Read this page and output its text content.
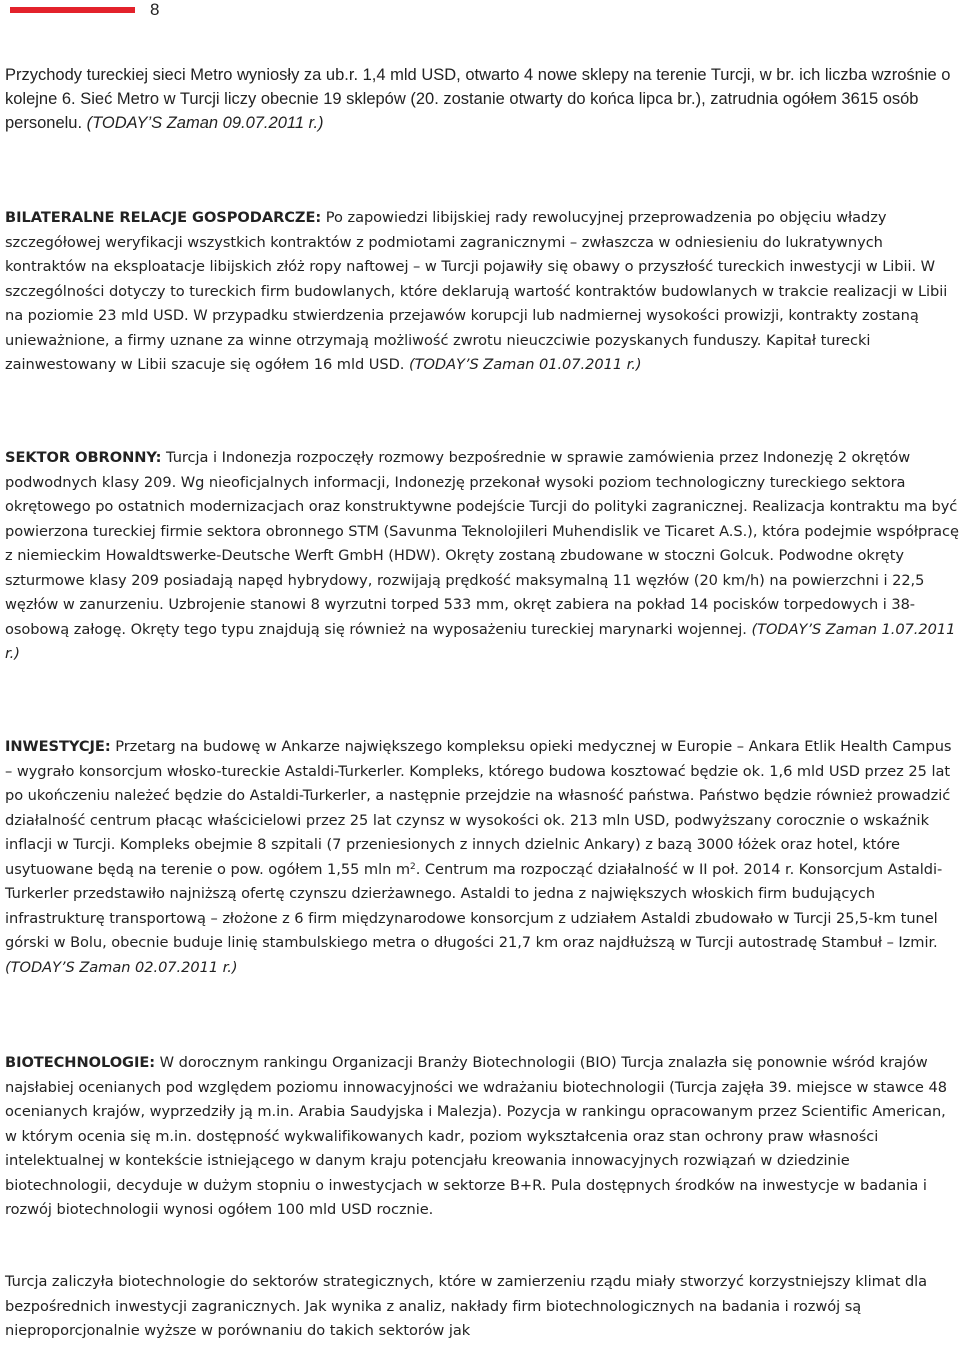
8

Przychody tureckiej sieci Metro wyniosły za ub.r. 1,4 mld USD, otwarto 4 nowe sklepy na terenie Turcji, w br. ich liczba wzrośnie o kolejne 6. Sieć Metro w Turcji liczy obecnie 19 sklepów (20. zostanie otwarty do końca lipca br.), zatrudnia ogółem 3615 osób personelu. (TODAY’S Zaman 09.07.2011 r.)

BILATERALNE RELACJE GOSPODARCZE: Po zapowiedzi libijskiej rady rewolucyjnej przeprowadzenia po objęciu władzy szczegółowej weryfikacji wszystkich kontraktów z podmiotami zagranicznymi – zwłaszcza w odniesieniu do lukratywnych kontraktów na eksploatacje libijskich złóż ropy naftowej – w Turcji pojawiły się obawy o przyszłość tureckich inwestycji w Libii. W szczególności dotyczy to tureckich firm budowlanych, które deklarują wartość kontraktów budowlanych w trakcie realizacji w Libii na poziomie 23 mld USD. W przypadku stwierdzenia przejawów korupcji lub nadmiernej wysokości prowizji, kontrakty zostaną unieważnione, a firmy uznane za winne otrzymają możliwość zwrotu nieuczciwie pozyskanych funduszy. Kapitał turecki zainwestowany w Libii szacuje się ogółem 16 mld USD. (TODAY’S Zaman 01.07.2011 r.)

SEKTOR OBRONNY: Turcja i Indonezja rozpoczęły rozmowy bezpośrednie w sprawie zamówienia przez Indonezję 2 okrętów podwodnych klasy 209. Wg nieoficjalnych informacji, Indonezję przekonał wysoki poziom technologiczny tureckiego sektora okrętowego po ostatnich modernizacjach oraz konstruktywne podejście Turcji do polityki zagranicznej. Realizacja kontraktu ma być powierzona tureckiej firmie sektora obronnego STM (Savunma Teknolojileri Muhendislik ve Ticaret A.S.), która podejmie współpracę z niemieckim Howaldtswerke-Deutsche Werft GmbH (HDW). Okręty zostaną zbudowane w stoczni Golcuk. Podwodne okręty szturmowe klasy 209 posiadają napęd hybrydowy, rozwijają prędkość maksymalną 11 węzłów (20 km/h) na powierzchni i 22,5 węzłów w zanurzeniu. Uzbrojenie stanowi 8 wyrzutni torped 533 mm, okręt zabiera na pokład 14 pocisków torpedowych i 38-osobową załogę. Okręty tego typu znajdują się również na wyposażeniu tureckiej marynarki wojennej. (TODAY’S Zaman 1.07.2011 r.)

INWESTYCJE: Przetarg na budowę w Ankarze największego kompleksu opieki medycznej w Europie – Ankara Etlik Health Campus – wygrało konsorcjum włosko-tureckie Astaldi-Turkerler. Kompleks, którego budowa kosztować będzie ok. 1,6 mld USD przez 25 lat po ukończeniu należeć będzie do Astaldi-Turkerler, a następnie przejdzie na własność państwa. Państwo będzie również prowadzić działalność centrum płacąc właścicielowi przez 25 lat czynsz w wysokości ok. 213 mln USD, podwyższany corocznie o wskaźnik inflacji w Turcji. Kompleks obejmie 8 szpitali (7 przeniesionych z innych dzielnic Ankary) z bazą 3000 łóżek oraz hotel, które usytuowane będą na terenie o pow. ogółem 1,55 mln $m^2$. Centrum ma rozpocząć działalność w II poł. 2014 r. Konsorcjum Astaldi-Turkerler przedstawiło najniższą ofertę czynszu dzierżawnego. Astaldi to jedna z największych włoskich firm budujących infrastrukturę transportową – złożone z 6 firm międzynarodowe konsorcjum z udziałem Astaldi zbudowało w Turcji 25,5-km tunel górski w Bolu, obecnie buduje linię stambulskiego metra o długości 21,7 km oraz najdłuższą w Turcji autostradę Stambuł – Izmir. (TODAY’S Zaman 02.07.2011 r.)

BIOTECHNOLOGIE: W dorocznym rankingu Organizacji Branży Biotechnologii (BIO) Turcja znalazła się ponownie wśród krajów najsłabiej ocenianych pod względem poziomu innowacyjności we wdrażaniu biotechnologii (Turcja zajęła 39. miejsce w stawce 48 ocenianych krajów, wyprzedziły ją m.in. Arabia Saudyjska i Malezja). Pozycja w rankingu opracowanym przez Scientific American, w którym ocenia się m.in. dostępność wykwalifikowanych kadr, poziom wykształcenia oraz stan ochrony praw własności intelektualnej w kontekście istniejącego w danym kraju potencjału kreowania innowacyjnych rozwiązań w dziedzinie biotechnologii, decyduje w dużym stopniu o inwestycjach w sektorze B+R. Pula dostępnych środków na inwestycje w badania i rozwój biotechnologii wynosi ogółem 100 mld USD rocznie.

Turcja zaliczyła biotechnologie do sektorów strategicznych, które w zamierzeniu rządu miały stworzyć korzystniejszy klimat dla bezpośrednich inwestycji zagranicznych. Jak wynika z analiz, nakłady firm biotechnologicznych na badania i rozwój są nieproporcjonalnie wyższe w porównaniu do takich sektorów jak
